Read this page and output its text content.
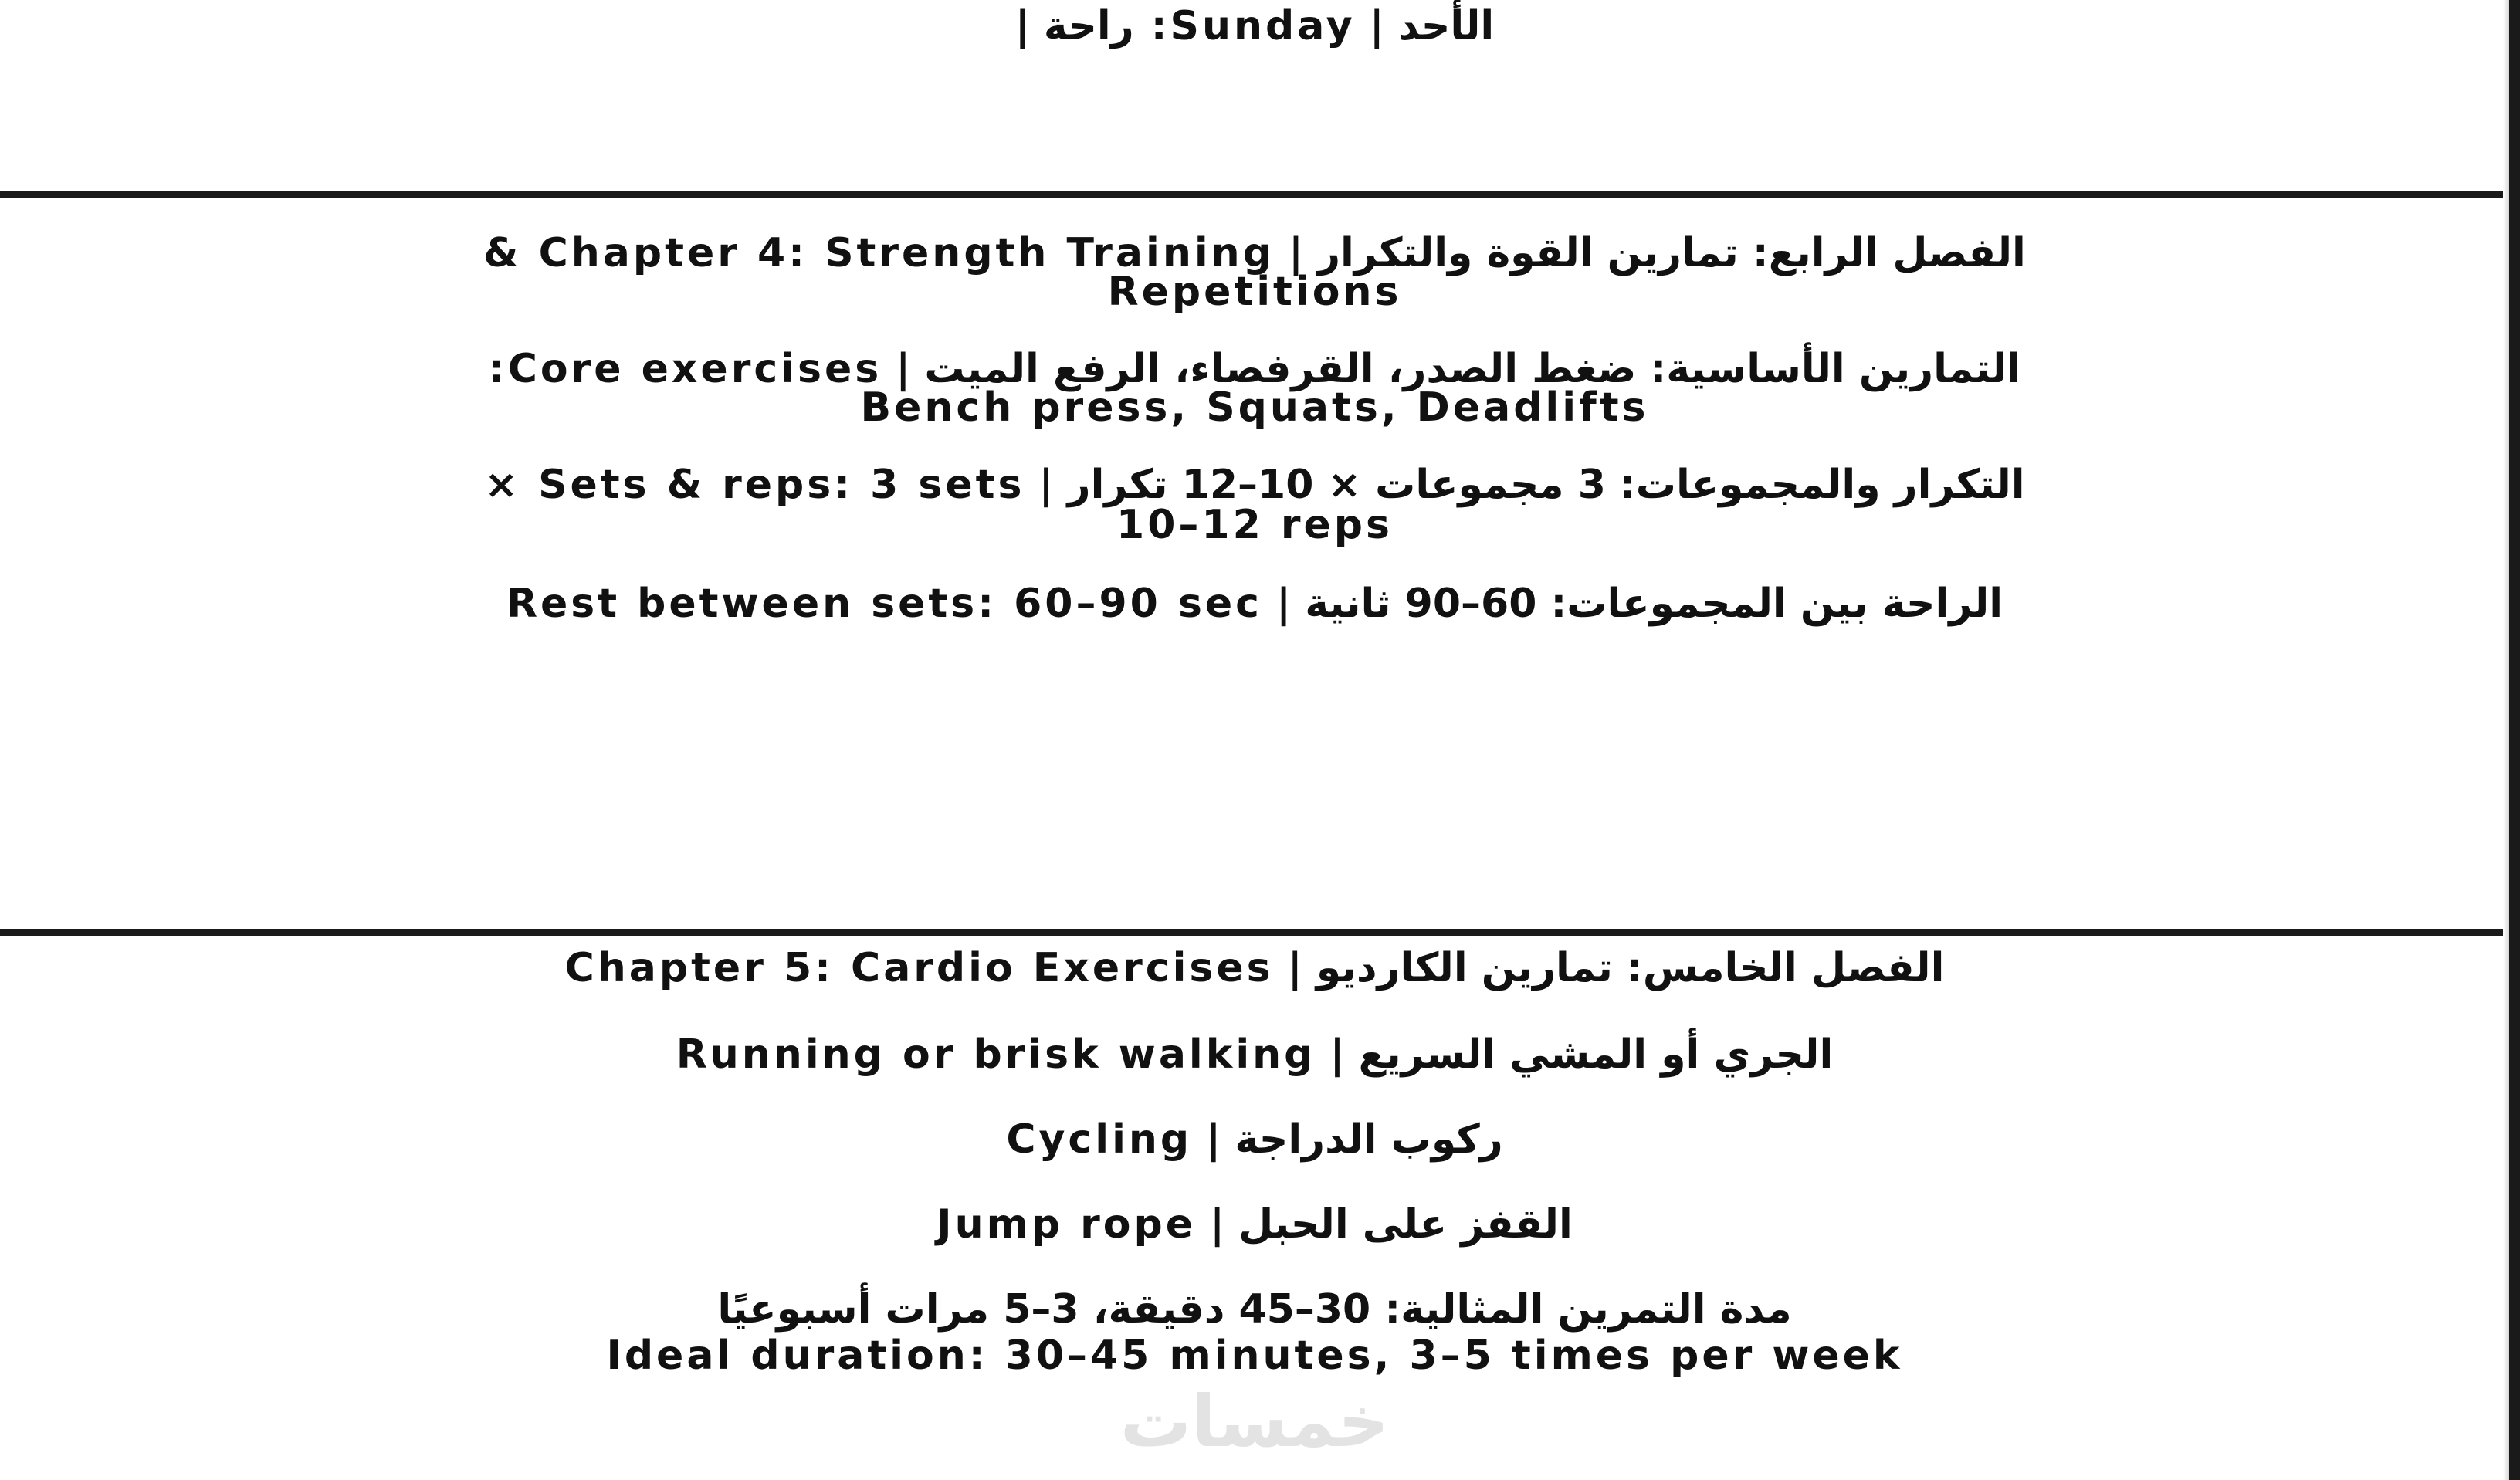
الأحد | Sunday: راحة |
الفصل الرابع: تمارين القوة والتكرار | Chapter 4: Strength Training &
Repetitions
التمارين الأساسية: ضغط الصدر، القرفصاء، الرفع الميت | Core exercises:
Bench press, Squats, Deadlifts
التكرار والمجموعات: 3 مجموعات × 10–12 تكرار | Sets & reps: 3 sets ×
10–12 reps
الراحة بين المجموعات: 60–90 ثانية | Rest between sets: 60–90 sec
الفصل الخامس: تمارين الكارديو | Chapter 5: Cardio Exercises
الجري أو المشي السريع | Running or brisk walking
ركوب الدراجة | Cycling
القفز على الحبل | Jump rope
مدة التمرين المثالية: 30–45 دقيقة، 3–5 مرات أسبوعيًا
Ideal duration: 30–45 minutes, 3–5 times per week
خمسات
